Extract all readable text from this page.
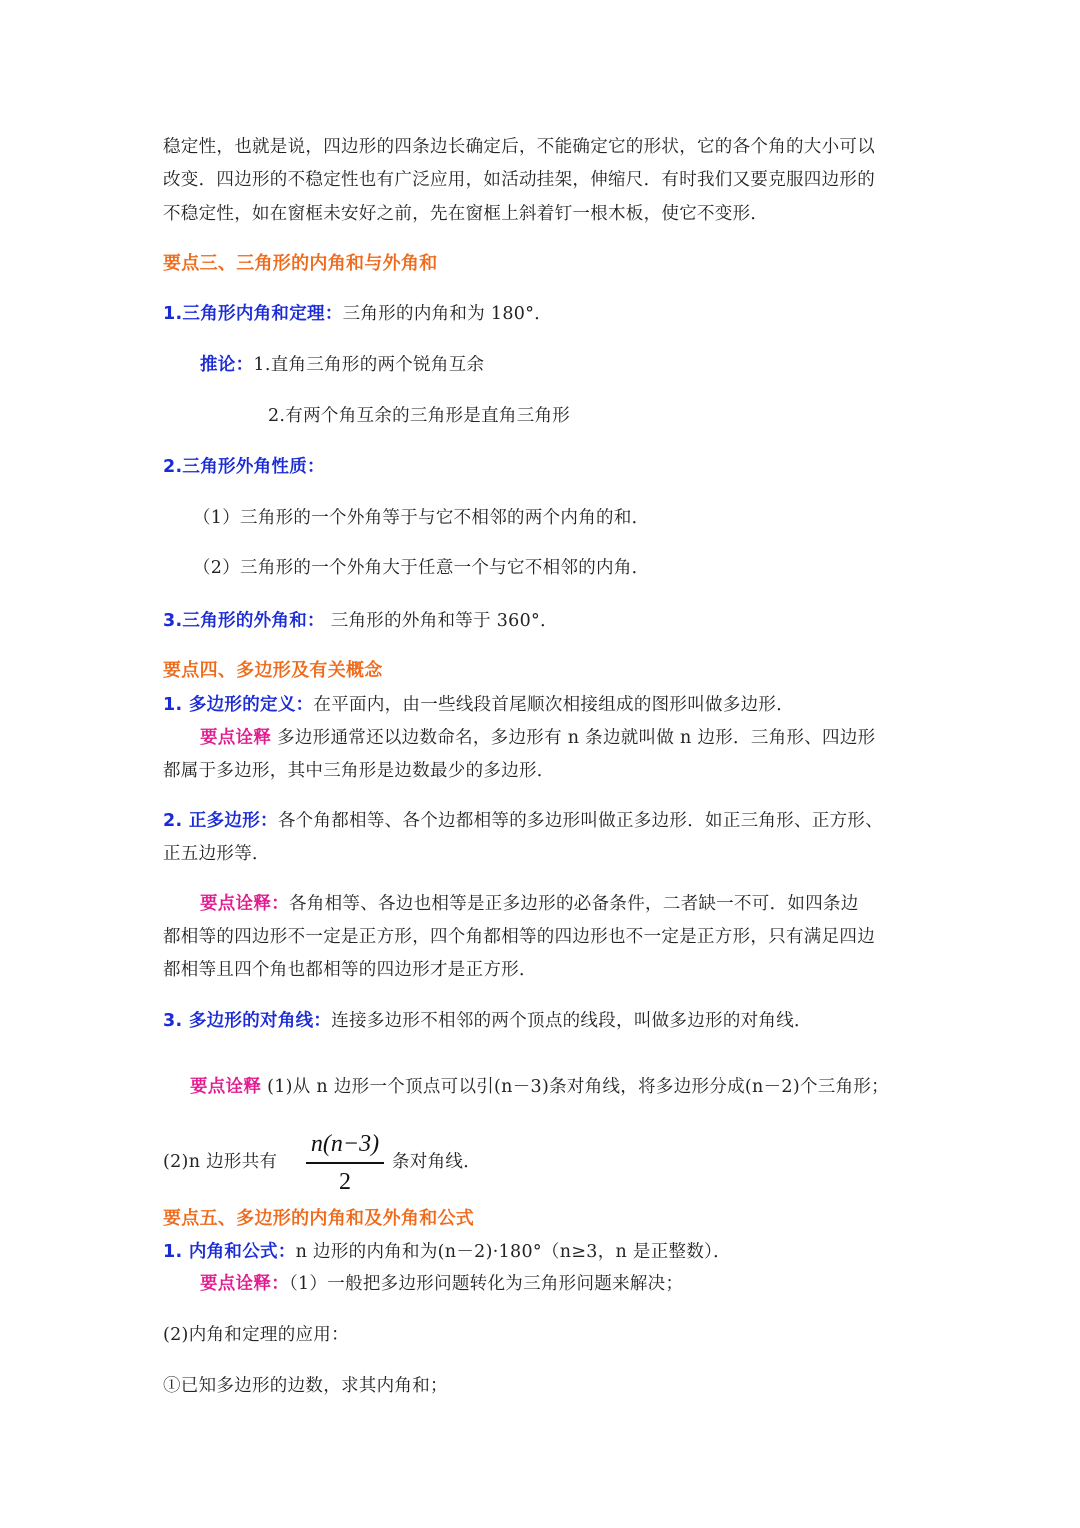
稳定性，也就是说，四边形的四条边长确定后，不能确定它的形状，它的各个角的大小可以
改变．四边形的不稳定性也有广泛应用，如活动挂架，伸缩尺．有时我们又要克服四边形的
不稳定性，如在窗框未安好之前，先在窗框上斜着钉一根木板，使它不变形．
要点三、三角形的内角和与外角和
1.三角形内角和定理：三角形的内角和为 180°．
推论：1.直角三角形的两个锐角互余
2.有两个角互余的三角形是直角三角形
2.三角形外角性质：
（1）三角形的一个外角等于与它不相邻的两个内角的和．
（2）三角形的一个外角大于任意一个与它不相邻的内角．
3.三角形的外角和： 三角形的外角和等于 360°．
要点四、多边形及有关概念
1. 多边形的定义：在平面内，由一些线段首尾顺次相接组成的图形叫做多边形．
要点诠释 多边形通常还以边数命名，多边形有 n 条边就叫做 n 边形．三角形、四边形
都属于多边形，其中三角形是边数最少的多边形．
2. 正多边形：各个角都相等、各个边都相等的多边形叫做正多边形．如正三角形、正方形、
正五边形等．
要点诠释：各角相等、各边也相等是正多边形的必备条件，二者缺一不可．如四条边
都相等的四边形不一定是正方形，四个角都相等的四边形也不一定是正方形，只有满足四边
都相等且四个角也都相等的四边形才是正方形．
3. 多边形的对角线：连接多边形不相邻的两个顶点的线段，叫做多边形的对角线．
要点诠释 (1)从 n 边形一个顶点可以引(n－3)条对角线，将多边形分成(n－2)个三角形；
(2)n 边形共有
n(n−3)
2
条对角线．
要点五、多边形的内角和及外角和公式
1. 内角和公式：n 边形的内角和为(n－2)·180°（n≥3，n 是正整数）．
要点诠释：（1）一般把多边形问题转化为三角形问题来解决；
(2)内角和定理的应用：
①已知多边形的边数，求其内角和；
